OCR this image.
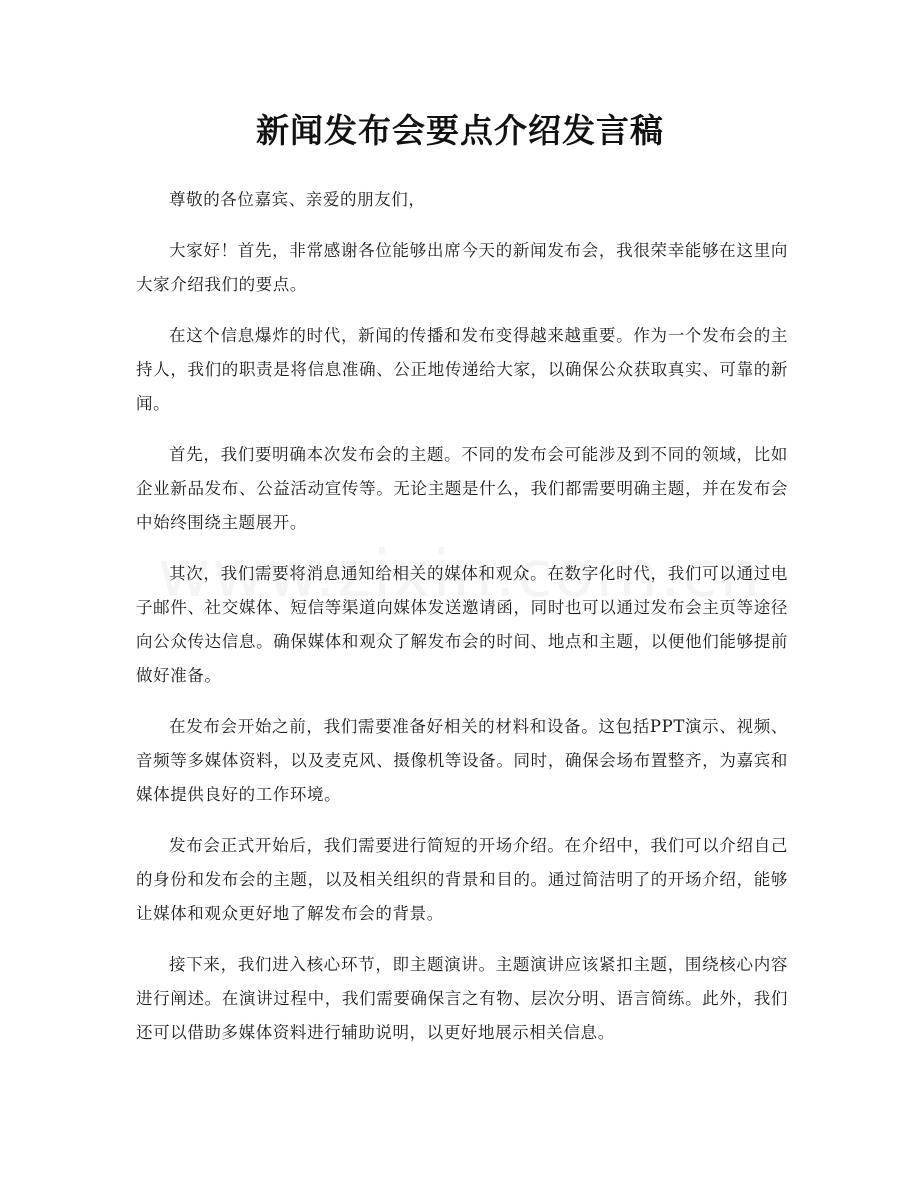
新闻发布会要点介绍发言稿

尊敬的各位嘉宾、亲爱的朋友们，

大家好！首先，非常感谢各位能够出席今天的新闻发布会，我很荣幸能够在这里向大家介绍我们的要点。

在这个信息爆炸的时代，新闻的传播和发布变得越来越重要。作为一个发布会的主持人，我们的职责是将信息准确、公正地传递给大家，以确保公众获取真实、可靠的新闻。

首先，我们要明确本次发布会的主题。不同的发布会可能涉及到不同的领域，比如企业新品发布、公益活动宣传等。无论主题是什么，我们都需要明确主题，并在发布会中始终围绕主题展开。

其次，我们需要将消息通知给相关的媒体和观众。在数字化时代，我们可以通过电子邮件、社交媒体、短信等渠道向媒体发送邀请函，同时也可以通过发布会主页等途径向公众传达信息。确保媒体和观众了解发布会的时间、地点和主题，以便他们能够提前做好准备。

在发布会开始之前，我们需要准备好相关的材料和设备。这包括PPT演示、视频、音频等多媒体资料，以及麦克风、摄像机等设备。同时，确保会场布置整齐，为嘉宾和媒体提供良好的工作环境。

发布会正式开始后，我们需要进行简短的开场介绍。在介绍中，我们可以介绍自己的身份和发布会的主题，以及相关组织的背景和目的。通过简洁明了的开场介绍，能够让媒体和观众更好地了解发布会的背景。

接下来，我们进入核心环节，即主题演讲。主题演讲应该紧扣主题，围绕核心内容进行阐述。在演讲过程中，我们需要确保言之有物、层次分明、语言简练。此外，我们还可以借助多媒体资料进行辅助说明，以更好地展示相关信息。
